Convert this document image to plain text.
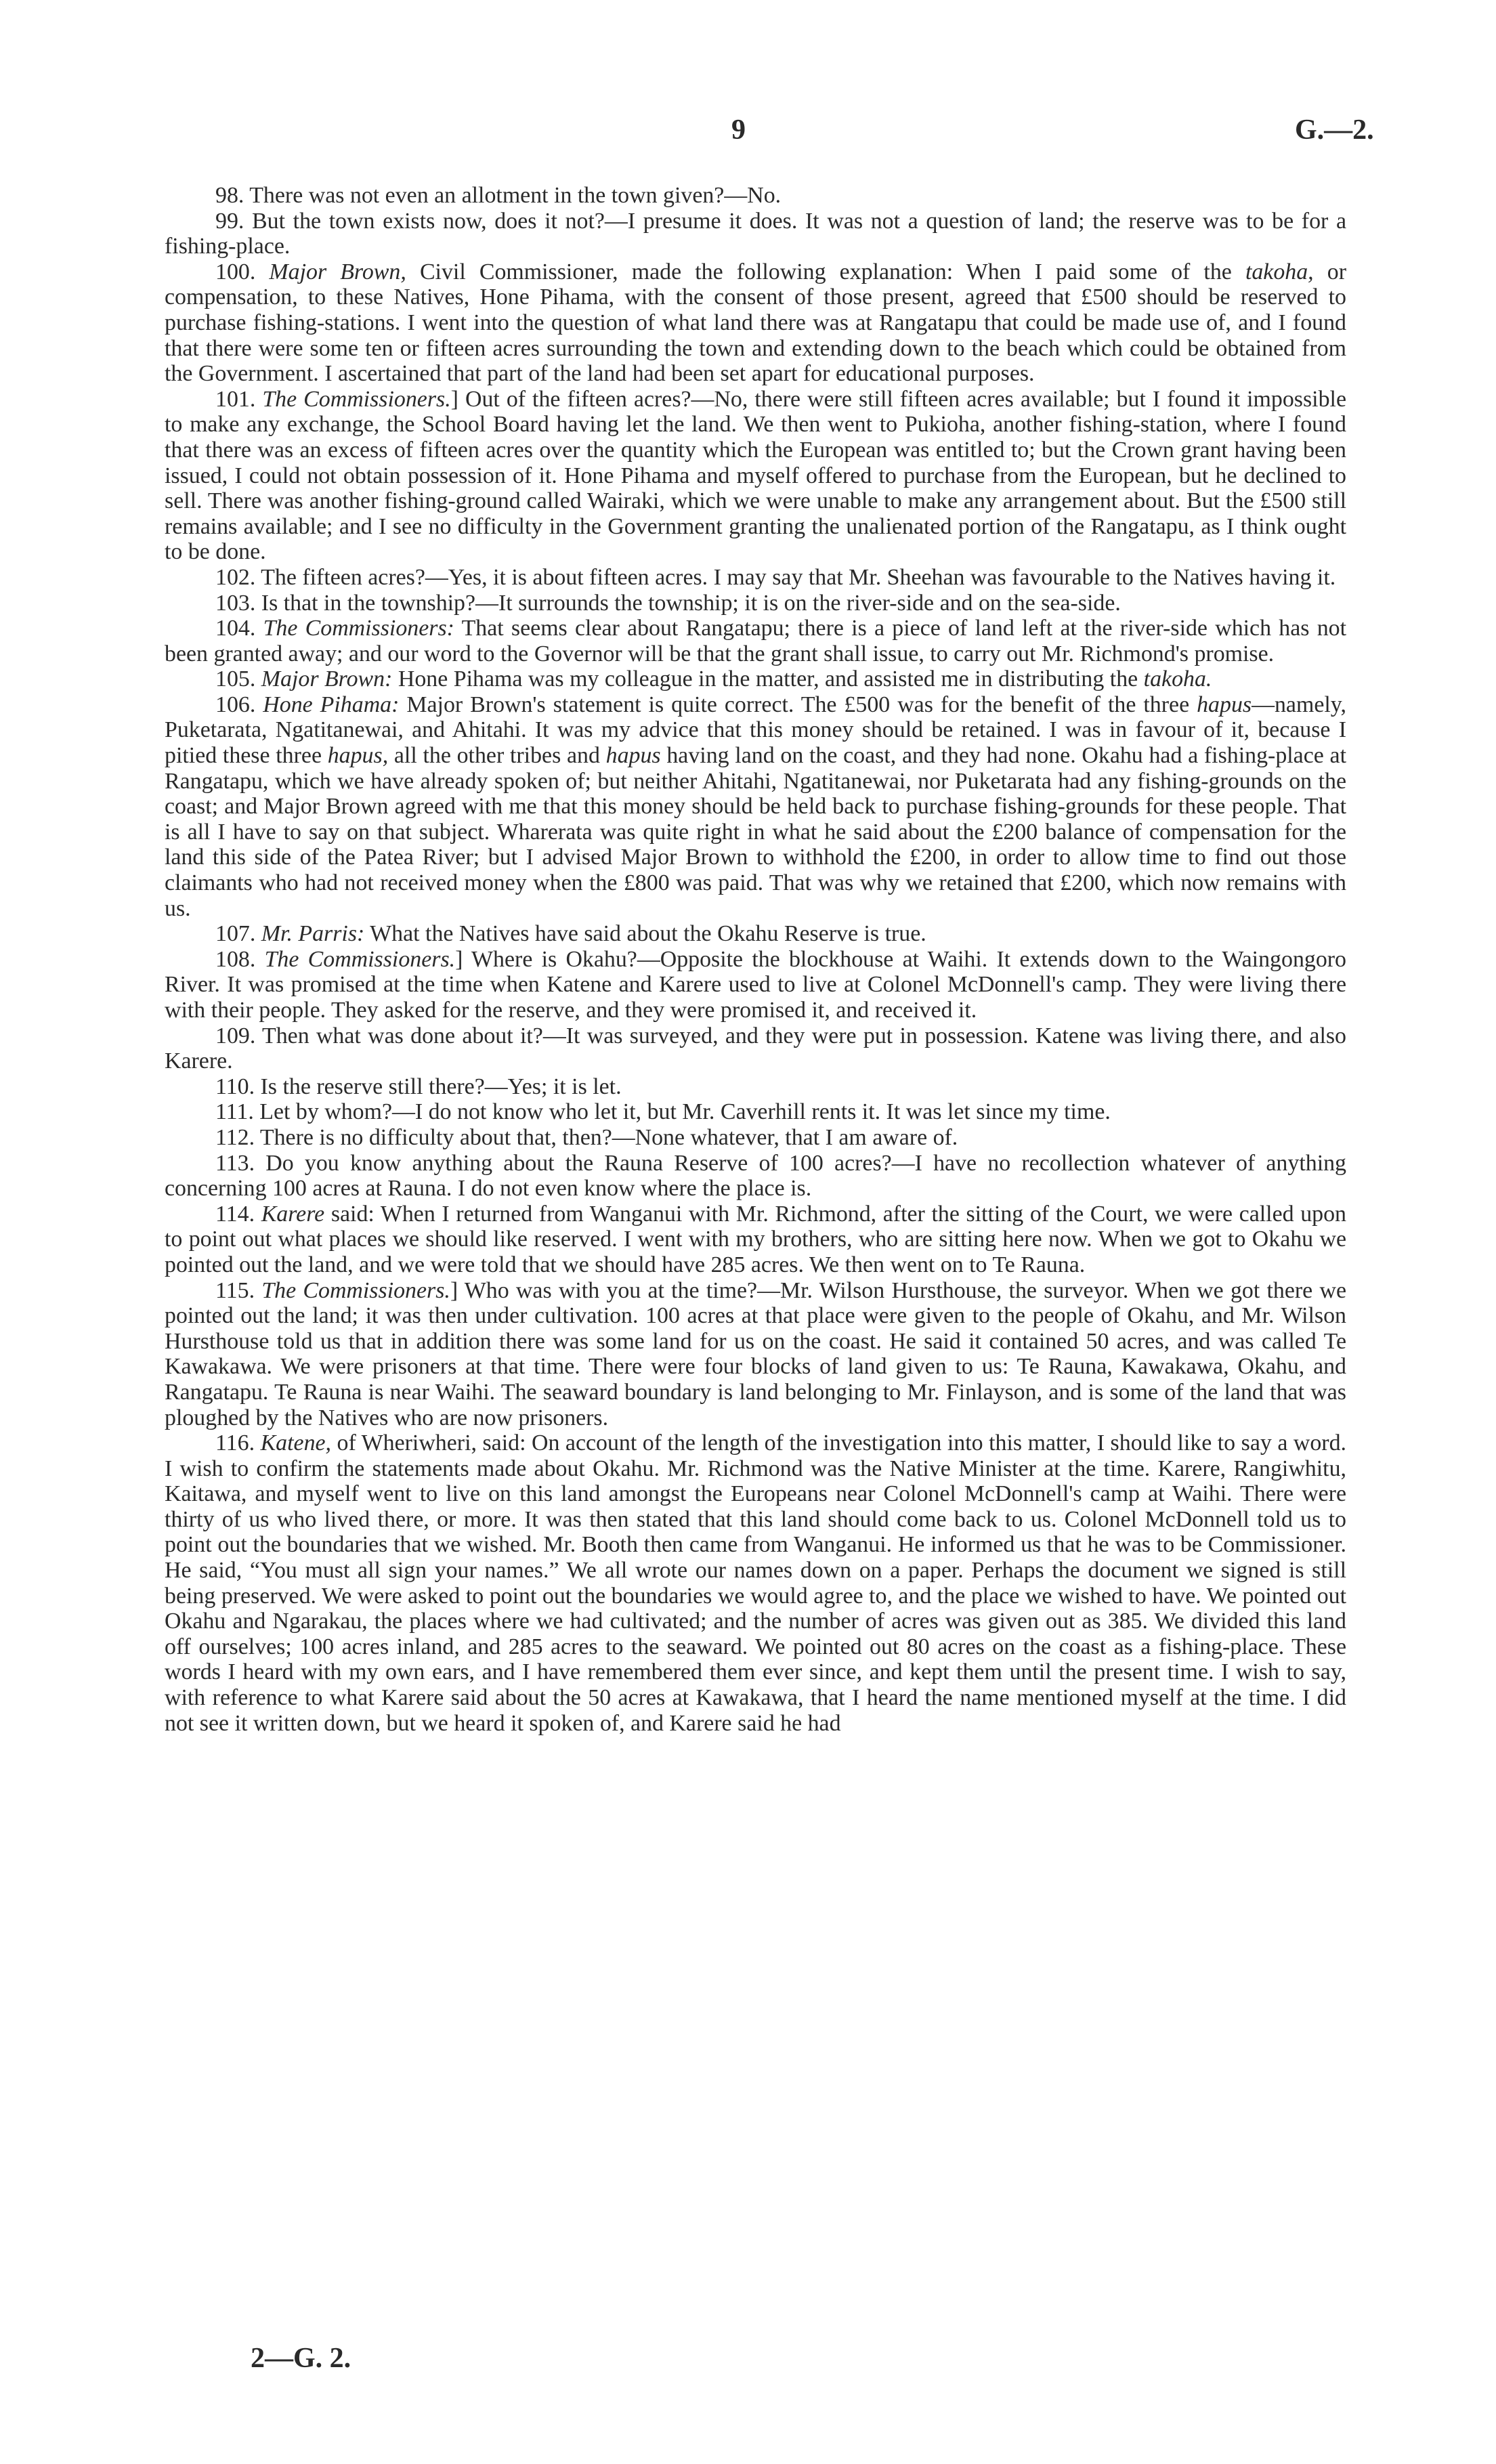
9	G.—2.

98. There was not even an allotment in the town given?—No.

99. But the town exists now, does it not?—I presume it does. It was not a question of land; the reserve was to be for a fishing-place.

100. Major Brown, Civil Commissioner, made the following explanation: When I paid some of the takoha, or compensation, to these Natives, Hone Pihama, with the consent of those present, agreed that £500 should be reserved to purchase fishing-stations. I went into the question of what land there was at Rangatapu that could be made use of, and I found that there were some ten or fifteen acres surrounding the town and extending down to the beach which could be obtained from the Government. I ascertained that part of the land had been set apart for educational purposes.

101. The Commissioners.] Out of the fifteen acres?—No, there were still fifteen acres available; but I found it impossible to make any exchange, the School Board having let the land. We then went to Pukioha, another fishing-station, where I found that there was an excess of fifteen acres over the quantity which the European was entitled to; but the Crown grant having been issued, I could not obtain possession of it. Hone Pihama and myself offered to purchase from the European, but he declined to sell. There was another fishing-ground called Wairaki, which we were unable to make any arrangement about. But the £500 still remains available; and I see no difficulty in the Government granting the unalienated portion of the Rangatapu, as I think ought to be done.

102. The fifteen acres?—Yes, it is about fifteen acres. I may say that Mr. Sheehan was favourable to the Natives having it.

103. Is that in the township?—It surrounds the township; it is on the river-side and on the sea-side.

104. The Commissioners: That seems clear about Rangatapu; there is a piece of land left at the river-side which has not been granted away; and our word to the Governor will be that the grant shall issue, to carry out Mr. Richmond's promise.

105. Major Brown: Hone Pihama was my colleague in the matter, and assisted me in distributing the takoha.

106. Hone Pihama: Major Brown's statement is quite correct. The £500 was for the benefit of the three hapus—namely, Puketarata, Ngatitanewai, and Ahitahi. It was my advice that this money should be retained. I was in favour of it, because I pitied these three hapus, all the other tribes and hapus having land on the coast, and they had none. Okahu had a fishing-place at Rangatapu, which we have already spoken of; but neither Ahitahi, Ngatitanewai, nor Puketarata had any fishing-grounds on the coast; and Major Brown agreed with me that this money should be held back to purchase fishing-grounds for these people. That is all I have to say on that subject. Wharerata was quite right in what he said about the £200 balance of compensation for the land this side of the Patea River; but I advised Major Brown to withhold the £200, in order to allow time to find out those claimants who had not received money when the £800 was paid. That was why we retained that £200, which now remains with us.

107. Mr. Parris: What the Natives have said about the Okahu Reserve is true.

108. The Commissioners.] Where is Okahu?—Opposite the blockhouse at Waihi. It extends down to the Waingongoro River. It was promised at the time when Katene and Karere used to live at Colonel McDonnell's camp. They were living there with their people. They asked for the reserve, and they were promised it, and received it.

109. Then what was done about it?—It was surveyed, and they were put in possession. Katene was living there, and also Karere.

110. Is the reserve still there?—Yes; it is let.

111. Let by whom?—I do not know who let it, but Mr. Caverhill rents it. It was let since my time.

112. There is no difficulty about that, then?—None whatever, that I am aware of.

113. Do you know anything about the Rauna Reserve of 100 acres?—I have no recollection whatever of anything concerning 100 acres at Rauna. I do not even know where the place is.

114. Karere said: When I returned from Wanganui with Mr. Richmond, after the sitting of the Court, we were called upon to point out what places we should like reserved. I went with my brothers, who are sitting here now. When we got to Okahu we pointed out the land, and we were told that we should have 285 acres. We then went on to Te Rauna.

115. The Commissioners.] Who was with you at the time?—Mr. Wilson Hursthouse, the surveyor. When we got there we pointed out the land; it was then under cultivation. 100 acres at that place were given to the people of Okahu, and Mr. Wilson Hursthouse told us that in addition there was some land for us on the coast. He said it contained 50 acres, and was called Te Kawakawa. We were prisoners at that time. There were four blocks of land given to us: Te Rauna, Kawakawa, Okahu, and Rangatapu. Te Rauna is near Waihi. The seaward boundary is land belonging to Mr. Finlayson, and is some of the land that was ploughed by the Natives who are now prisoners.

116. Katene, of Wheriwheri, said: On account of the length of the investigation into this matter, I should like to say a word. I wish to confirm the statements made about Okahu. Mr. Richmond was the Native Minister at the time. Karere, Rangiwhitu, Kaitawa, and myself went to live on this land amongst the Europeans near Colonel McDonnell's camp at Waihi. There were thirty of us who lived there, or more. It was then stated that this land should come back to us. Colonel McDonnell told us to point out the boundaries that we wished. Mr. Booth then came from Wanganui. He informed us that he was to be Commissioner. He said, “You must all sign your names.” We all wrote our names down on a paper. Perhaps the document we signed is still being preserved. We were asked to point out the boundaries we would agree to, and the place we wished to have. We pointed out Okahu and Ngarakau, the places where we had cultivated; and the number of acres was given out as 385. We divided this land off ourselves; 100 acres inland, and 285 acres to the seaward. We pointed out 80 acres on the coast as a fishing-place. These words I heard with my own ears, and I have remembered them ever since, and kept them until the present time. I wish to say, with reference to what Karere said about the 50 acres at Kawakawa, that I heard the name mentioned myself at the time. I did not see it written down, but we heard it spoken of, and Karere said he had

2—G. 2.
